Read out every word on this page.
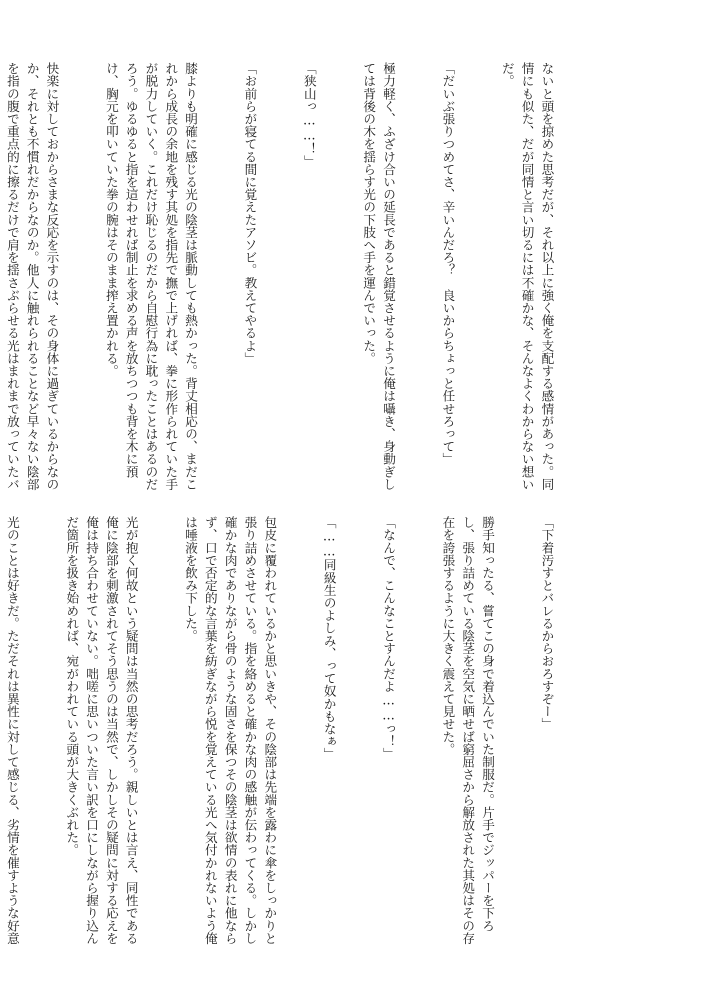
ないと頭を掠めた思考だが、それ以上に強く俺を支配する感情があった。同情にも似た、だが同情と言い切るには不確かな、そんなよくわからない想いだ。

「だいぶ張りつめてさ、辛いんだろ？　良いからちょっと任せろって」

極力軽く、ふざけ合いの延長であると錯覚させるように俺は囁き、身動ぎしては背後の木を揺らす光の下肢へ手を運んでいった。

「狭山っ……！」

「お前らが寝てる間に覚えたアソビ。教えてやるよ」

膝よりも明確に感じる光の陰茎は脈動しても熱かった。背丈相応の、まだこれから成長の余地を残す其処を指先で撫で上げれば、拳に形作られていた手が脱力していく。これだけ恥じるのだから自慰行為に耽ったことはあるのだろう。ゆるゆると指を這わせれば制止を求める声を放ちつつも背を木に預け、胸元を叩いていた拳の腕はそのまま搾え置かれる。

快楽に対しておからさまな反応を示すのは、その身体に過ぎているからなのか、それとも不慣れだからなのか。他人に触れられることなど早々ない陰部を指の腹で重点的に擦るだけで肩を揺さぶらせる光はまれまで放っていたバ

「下着汚すとバレるからおろすぞー」

勝手知ったる、嘗てこの身で着込んでいた制服だ。片手でジッパーを下ろし、張り詰めている陰茎を空気に晒せば窮屈さから解放された其処はその存在を誇張するように大きく震えて見せた。

「なんで、こんなことすんだよ……っ！」

「……同級生のよしみ、って奴かもなぁ」

包皮に覆われているかと思いきや、その陰部は先端を露わに傘をしっかりと張り詰めさせている。指を絡めると確かな肉の感触が伝わってくる。しかし確かな肉でありながら骨のような固さを保つその陰茎は欲情の表れに他ならず、口で否定的な言葉を紡ぎながら悦を覚えている光へ気付かれないよう俺は唾液を飲み下した。

光が抱く何故という疑問は当然の思考だろう。親しいとは言え、同性である俺に陰部を刺激されてそう思うのは当然で、しかしその疑問に対する応えを俺は持ち合わせていない。咄嗟に思いついた言い訳を口にしながら握り込んだ箇所を扱き始めれば、宛がわれている頭が大きくぶれた。

光のことは好きだ。ただそれは異性に対して感じる、劣情を催すような好意
